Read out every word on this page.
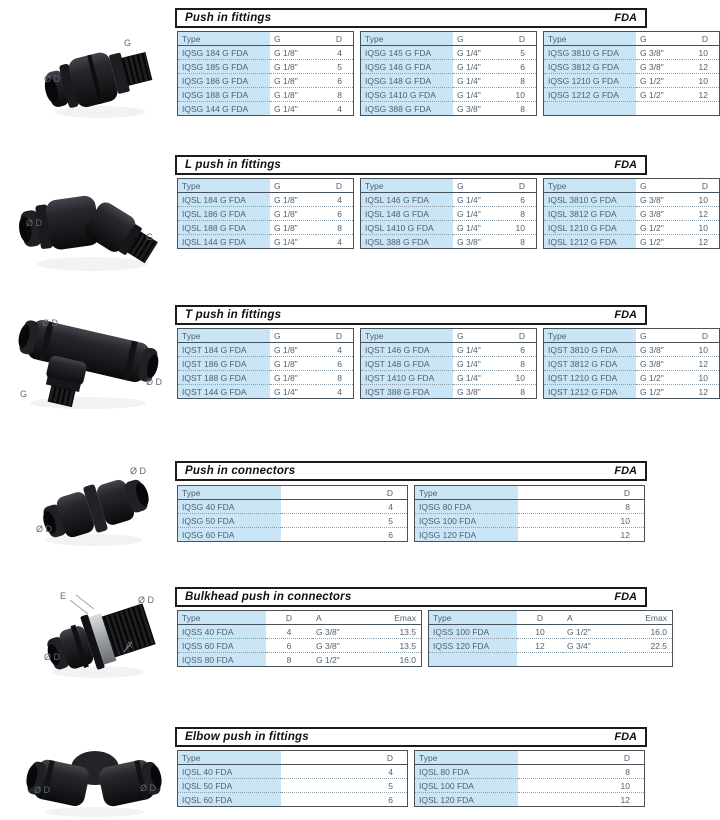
G
Ø D
Push in fittings	FDA
Type	G	D
IQSG 184 G FDA	G 1/8"	4
IQSG 185 G FDA	G 1/8"	5
IQSG 186 G FDA	G 1/8"	6
IQSG 188 G FDA	G 1/8"	8
IQSG 144 G FDA	G 1/4"	4
Type	G	D
IQSG 145 G FDA	G 1/4"	5
IQSG 146 G FDA	G 1/4"	6
IQSG 148 G FDA	G 1/4"	8
IQSG 1410 G FDA	G 1/4"	10
IQSG 388 G FDA	G 3/8"	8
Type	G	D
IQSG 3810 G FDA	G 3/8"	10
IQSG 3812 G FDA	G 3/8"	12
IQSG 1210 G FDA	G 1/2"	10
IQSG 1212 G FDA	G 1/2"	12

Ø D
G
L push in fittings	FDA
Type	G	D
IQSL 184 G FDA	G 1/8"	4
IQSL 186 G FDA	G 1/8"	6
IQSL 188 G FDA	G 1/8"	8
IQSL 144 G FDA	G 1/4"	4
Type	G	D
IQSL 146 G FDA	G 1/4"	6
IQSL 148 G FDA	G 1/4"	8
IQSL 1410 G FDA	G 1/4"	10
IQSL 388 G FDA	G 3/8"	8
Type	G	D
IQSL 3810 G FDA	G 3/8"	10
IQSL 3812 G FDA	G 3/8"	12
IQSL 1210 G FDA	G 1/2"	10
IQSL 1212 G FDA	G 1/2"	12
Ø D
Ø D
G
T push in fittings	FDA
Type	G	D
IQST 184 G FDA	G 1/8"	4
IQST 186 G FDA	G 1/8"	6
IQST 188 G FDA	G 1/8"	8
IQST 144 G FDA	G 1/4"	4
Type	G	D
IQST 146 G FDA	G 1/4"	6
IQST 148 G FDA	G 1/4"	8
IQST 1410 G FDA	G 1/4"	10
IQST 388 G FDA	G 3/8"	8
Type	G	D
IQST 3810 G FDA	G 3/8"	10
IQST 3812 G FDA	G 3/8"	12
IQST 1210 G FDA	G 1/2"	10
IQST 1212 G FDA	G 1/2"	12
Ø D
Ø D
Push in connectors	FDA
Type	D
IQSG 40 FDA	4
IQSG 50 FDA	5
IQSG 60 FDA	6
Type	D
IQSG 80 FDA	8
IQSG 100 FDA	10
IQSG 120 FDA	12
E	Ø D
A
Ø D
Bulkhead push in connectors	FDA
Type	D	A	Emax
IQSS 40 FDA	4	G 3/8"	13.5
IQSS 60 FDA	6	G 3/8"	13.5
IQSS 80 FDA	8	G 1/2"	16.0
Type	D	A	Emax
IQSS 100 FDA	10	G 1/2"	16.0
IQSS 120 FDA	12	G 3/4"	22.5

Ø D	Ø D
Elbow push in fittings	FDA
Type	D
IQSL 40 FDA	4
IQSL 50 FDA	5
IQSL 60 FDA	6
Type	D
IQSL 80 FDA	8
IQSL 100 FDA	10
IQSL 120 FDA	12
